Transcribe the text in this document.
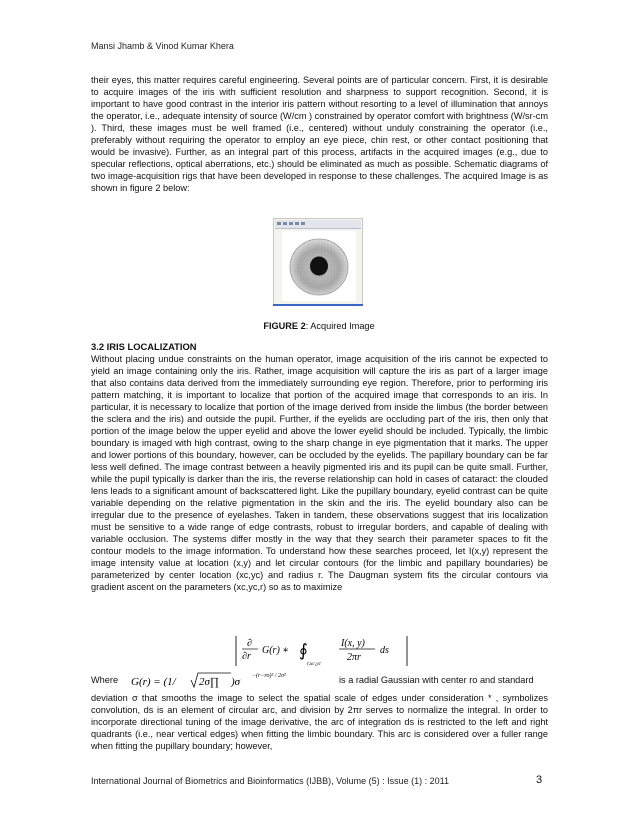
Mansi Jhamb & Vinod Kumar Khera

their eyes, this matter requires careful engineering. Several points are of particular concern. First, it is desirable to acquire images of the iris with sufficient resolution and sharpness to support recognition. Second, it is important to have good contrast in the interior iris pattern without resorting to a level of illumination that annoys the operator, i.e., adequate intensity of source (W/cm ) constrained by operator comfort with brightness (W/sr-cm ). Third, these images must be well framed (i.e., centered) without unduly constraining the operator (i.e., preferably without requiring the operator to employ an eye piece, chin rest, or other contact positioning that would be invasive). Further, as an integral part of this process, artifacts in the acquired images (e.g., due to specular reflections, optical aberrations, etc.) should be eliminated as much as possible. Schematic diagrams of two image-acquisition rigs that have been developed in response to these challenges. The acquired Image is as shown in figure 2 below:

FIGURE 2: Acquired Image
3.2 IRIS LOCALIZATION

Without placing undue constraints on the human operator, image acquisition of the iris cannot be expected to yield an image containing only the iris. Rather, image acquisition will capture the iris as part of a larger image that also contains data derived from the immediately surrounding eye region. Therefore, prior to performing iris pattern matching, it is important to localize that portion of the acquired image that corresponds to an iris. In particular, it is necessary to localize that portion of the image derived from inside the limbus (the border between the sclera and the iris) and outside the pupil. Further, if the eyelids are occluding part of the iris, then only that portion of the image below the upper eyelid and above the lower eyelid should be included. Typically, the limbic boundary is imaged with high contrast, owing to the sharp change in eye pigmentation that it marks. The upper and lower portions of this boundary, however, can be occluded by the eyelids. The papillary boundary can be far less well defined. The image contrast between a heavily pigmented iris and its pupil can be quite small. Further, while the pupil typically is darker than the iris, the reverse relationship can hold in cases of cataract: the clouded lens leads to a significant amount of backscattered light. Like the pupillary boundary, eyelid contrast can be quite variable depending on the relative pigmentation in the skin and the iris. The eyelid boundary also can be irregular due to the presence of eyelashes. Taken in tandem, these observations suggest that iris localization must be sensitive to a wide range of edge contrasts, robust to irregular borders, and capable of dealing with variable occlusion. The systems differ mostly in the way that they search their parameter spaces to fit the contour models to the image information. To understand how these searches proceed, let I(x,y) represent the image intensity value at location (x,y) and let circular contours (for the limbic and papillary boundaries) be parameterized by center location (xc,yc) and radius r. The Daugman system fits the circular contours via gradient ascent on the parameters (xc,yc,r) so as to maximize

∂
∂r
G(r) ∗ ∮
r,xc,yc
I(x, y)
2πr
ds
Where G(r) = (1/ 2σ∏ )σ −(r−ro)² / 2σ²	is a radial Gaussian with center ro and standard

deviation σ that smooths the image to select the spatial scale of edges under consideration * , symbolizes convolution, ds is an element of circular arc, and division by 2πr serves to normalize the integral. In order to incorporate directional tuning of the image derivative, the arc of integration ds is restricted to the left and right quadrants (i.e., near vertical edges) when fitting the limbic boundary. This arc is considered over a fuller range when fitting the pupillary boundary; however,

International Journal of Biometrics and Bioinformatics (IJBB), Volume (5) : Issue (1) : 2011	3
